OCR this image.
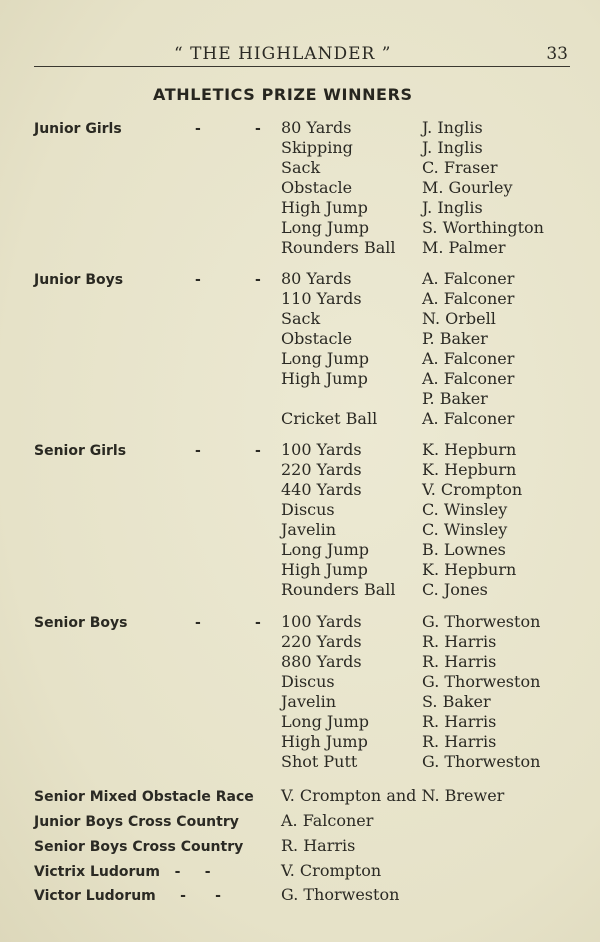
“ THE HIGHLANDER ”	33
ATHLETICS PRIZE WINNERS
Junior Girls	-	- 80 Yards	J. Inglis
Skipping	J. Inglis
Sack	C. Fraser
Obstacle	M. Gourley
High Jump	J. Inglis
Long Jump	S. Worthington
Rounders Ball M. Palmer
Junior Boys	-	- 80 Yards	A. Falconer
110 Yards	A. Falconer
Sack	N. Orbell
Obstacle	P. Baker
Long Jump	A. Falconer
High Jump	A. Falconer
P. Baker
Cricket Ball	A. Falconer
Senior Girls	-	- 100 Yards	K. Hepburn
220 Yards	K. Hepburn
440 Yards	V. Crompton
Discus	C. Winsley
Javelin	C. Winsley
Long Jump	B. Lownes
High Jump	K. Hepburn
Rounders Ball C. Jones
Senior Boys	-	- 100 Yards	G. Thorweston
220 Yards	R. Harris
880 Yards	R. Harris
Discus	G. Thorweston
Javelin	S. Baker
Long Jump	R. Harris
High Jump	R. Harris
Shot Putt	G. Thorweston
Senior Mixed Obstacle Race V. Crompton and N. Brewer
Junior Boys Cross Country	A. Falconer
Senior Boys Cross Country R. Harris
Victrix Ludorum   -     -	V. Crompton
Victor Ludorum     -      -	G. Thorweston
